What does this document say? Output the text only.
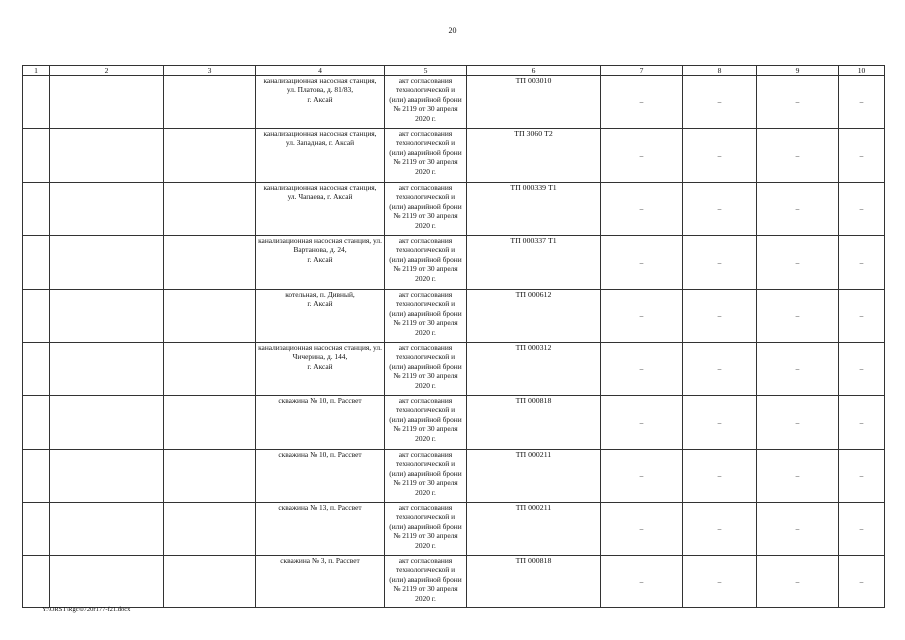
20
1	2	3	4	5	6	7	8	9	10
			канализационная насосная станция,
ул. Платова, д. 81/83,
г. Аксай	акт согласования технологической и (или) аварийной брони № 2119 от 30 апреля 2020 г.	ТП 003010	–	–	–	–
			канализационная насосная станция,
ул. Западная, г. Аксай	акт согласования технологической и (или) аварийной брони № 2119 от 30 апреля 2020 г.	ТП 3060 Т2	–	–	–	–
			канализационная насосная станция,
ул. Чапаева, г. Аксай	акт согласования технологической и (или) аварийной брони № 2119 от 30 апреля 2020 г.	ТП 000339 Т1	–	–	–	–
			канализационная насосная станция, ул. Вартанова, д. 24,
г. Аксай	акт согласования технологической и (или) аварийной брони № 2119 от 30 апреля 2020 г.	ТП 000337 Т1	–	–	–	–
			котельная, п. Дивный,
г. Аксай	акт согласования технологической и (или) аварийной брони № 2119 от 30 апреля 2020 г.	ТП 000612	–	–	–	–
			канализационная насосная станция, ул. Чичерина, д. 144,
г. Аксай	акт согласования технологической и (или) аварийной брони № 2119 от 30 апреля 2020 г.	ТП 000312	–	–	–	–
			скважина № 10, п. Рассвет	акт согласования технологической и (или) аварийной брони № 2119 от 30 апреля 2020 г.	ТП 000818	–	–	–	–
			скважина № 10, п. Рассвет	акт согласования технологической и (или) аварийной брони № 2119 от 30 апреля 2020 г.	ТП 000211	–	–	–	–
			скважина № 13, п. Рассвет	акт согласования технологической и (или) аварийной брони № 2119 от 30 апреля 2020 г.	ТП 000211	–	–	–	–
			скважина № 3, п. Рассвет	акт согласования технологической и (или) аварийной брони № 2119 от 30 апреля 2020 г.	ТП 000818	–	–	–	–
Y:\ORST\Rgc\0720r177-f21.docx
